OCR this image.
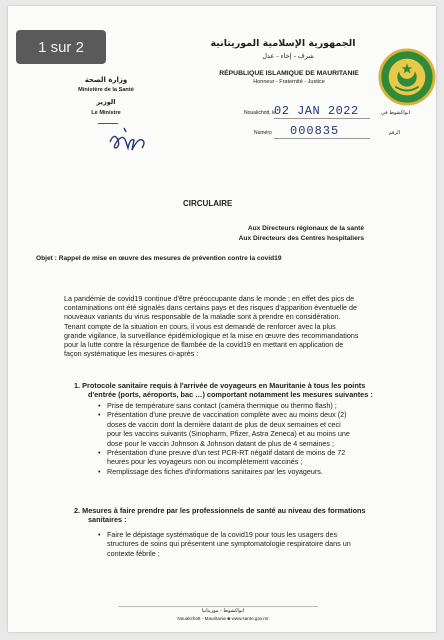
1 sur 2	الجمهورية الإسلامية الموريتانية
شرف - إخاء - عدل
RÉPUBLIQUE ISLAMIQUE DE MAURITANIE
Honneur - Fraternité - Justice
وزارة الصحة
Ministère de la Santé
الوزير
Le Ministre	Nouakchott, le
02 JAN 2022	انواكشوط في
Numéro 000835	الرقم
CIRCULAIRE
Aux Directeurs régionaux de la santé
Aux Directeurs des Centres hospitaliers
Objet : Rappel de mise en œuvre des mesures de prévention contre la covid19
La pandémie de covid19 continue d'être préoccupante dans le monde ; en effet des pics de
contaminations ont été signalés dans certains pays et des risques d'apparition éventuelle de
nouveaux variants du virus responsable de la maladie sont à prendre en considération.
Tenant compte de la situation en cours, il vous est demandé de renforcer avec la plus
grande vigilance, la surveillance épidémiologique et la mise en œuvre des recommandations
pour la lutte contre la résurgence de flambée de la covid19 en mettant en application de
façon systématique les mesures ci-après :
1. Protocole sanitaire requis à l'arrivée de voyageurs en Mauritanie à tous les points
d'entrée (ports, aéroports, bac …) comportant notamment les mesures suivantes :
• Prise de température sans contact (caméra thermique ou thermo flash) ;
• Présentation d'une preuve de vaccination complète avec au moins deux (2)
doses de vaccin dont la dernière datant de plus de deux semaines et ceci
pour les vaccins suivants (Sinopharm, Pfizer, Astra Zeneca) et au moins une
dose pour le vaccin Johnson & Johnson datant de plus de 4 semaines ;
• Présentation d'une preuve d'un test PCR-RT négatif datant de moins de 72
heures pour les voyageurs non ou incomplètement vaccinés ;
• Remplissage des fiches d'informations sanitaires par les voyageurs.
2. Mesures à faire prendre par les professionnels de santé au niveau des formations
sanitaires :
• Faire le dépistage systématique de la covid19 pour tous les usagers des
structures de soins qui présentent une symptomatologie respiratoire dans un
contexte fébrile ;
انواكشوط - موريتانيا
Nouakchott - Mauritanie ■ www.sante.gov.mr
